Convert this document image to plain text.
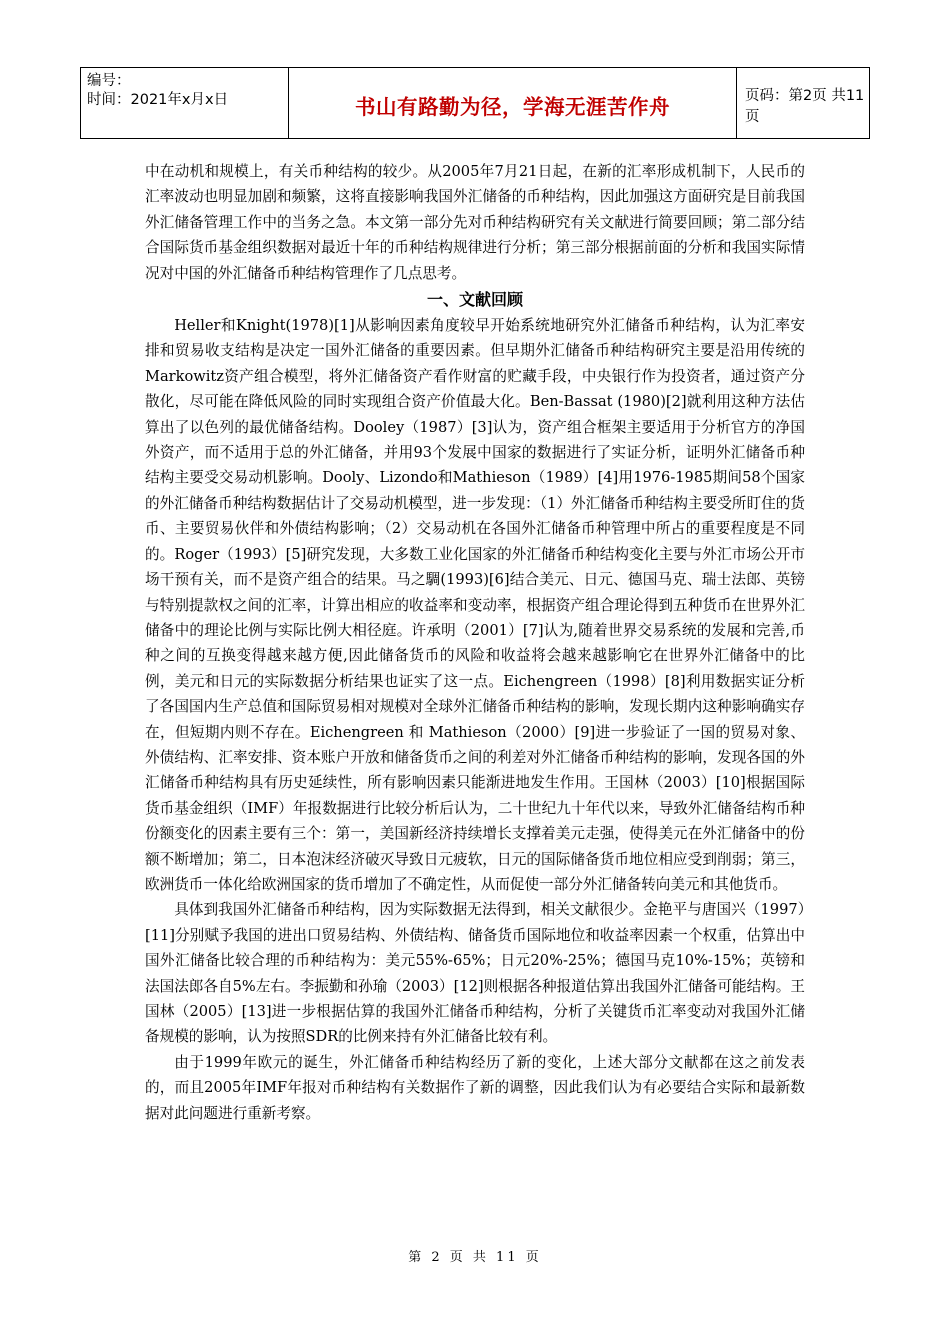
编号：
时间：2021年x月x日	书山有路勤为径，学海无涯苦作舟	页码：第2页 共11页

中在动机和规模上，有关币种结构的较少。从2005年7月21日起，在新的汇率形成机制下，人民币的汇率波动也明显加剧和频繁，这将直接影响我国外汇储备的币种结构，因此加强这方面研究是目前我国外汇储备管理工作中的当务之急。本文第一部分先对币种结构研究有关文献进行简要回顾；第二部分结合国际货币基金组织数据对最近十年的币种结构规律进行分析；第三部分根据前面的分析和我国实际情况对中国的外汇储备币种结构管理作了几点思考。

一、文献回顾

Heller和Knight(1978)[1]从影响因素角度较早开始系统地研究外汇储备币种结构，认为汇率安排和贸易收支结构是决定一国外汇储备的重要因素。但早期外汇储备币种结构研究主要是沿用传统的Markowitz资产组合模型，将外汇储备资产看作财富的贮藏手段，中央银行作为投资者，通过资产分散化，尽可能在降低风险的同时实现组合资产价值最大化。Ben-Bassat (1980)[2]就利用这种方法估算出了以色列的最优储备结构。Dooley（1987）[3]认为，资产组合框架主要适用于分析官方的净国外资产，而不适用于总的外汇储备，并用93个发展中国家的数据进行了实证分析，证明外汇储备币种结构主要受交易动机影响。Dooly、Lizondo和Mathieson（1989）[4]用1976-1985期间58个国家的外汇储备币种结构数据估计了交易动机模型，进一步发现：（1）外汇储备币种结构主要受所盯住的货币、主要贸易伙伴和外债结构影响；（2）交易动机在各国外汇储备币种管理中所占的重要程度是不同的。Roger（1993）[5]研究发现，大多数工业化国家的外汇储备币种结构变化主要与外汇市场公开市场干预有关，而不是资产组合的结果。马之騆(1993)[6]结合美元、日元、德国马克、瑞士法郎、英镑与特别提款权之间的汇率，计算出相应的收益率和变动率，根据资产组合理论得到五种货币在世界外汇储备中的理论比例与实际比例大相径庭。许承明（2001）[7]认为,随着世界交易系统的发展和完善,币种之间的互换变得越来越方便,因此储备货币的风险和收益将会越来越影响它在世界外汇储备中的比例，美元和日元的实际数据分析结果也证实了这一点。Eichengreen（1998）[8]利用数据实证分析了各国国内生产总值和国际贸易相对规模对全球外汇储备币种结构的影响，发现长期内这种影响确实存在，但短期内则不存在。Eichengreen 和 Mathieson（2000）[9]进一步验证了一国的贸易对象、外债结构、汇率安排、资本账户开放和储备货币之间的利差对外汇储备币种结构的影响，发现各国的外汇储备币种结构具有历史延续性，所有影响因素只能渐进地发生作用。王国林（2003）[10]根据国际货币基金组织（IMF）年报数据进行比较分析后认为，二十世纪九十年代以来，导致外汇储备结构币种份额变化的因素主要有三个：第一，美国新经济持续增长支撑着美元走强，使得美元在外汇储备中的份额不断增加；第二，日本泡沫经济破灭导致日元疲软，日元的国际储备货币地位相应受到削弱；第三，欧洲货币一体化给欧洲国家的货币增加了不确定性，从而促使一部分外汇储备转向美元和其他货币。

具体到我国外汇储备币种结构，因为实际数据无法得到，相关文献很少。金艳平与唐国兴（1997）[11]分别赋予我国的进出口贸易结构、外债结构、储备货币国际地位和收益率因素一个权重，估算出中国外汇储备比较合理的币种结构为：美元55%-65%；日元20%-25%；德国马克10%-15%；英镑和法国法郎各自5%左右。李振勤和孙瑜（2003）[12]则根据各种报道估算出我国外汇储备可能结构。王国林（2005）[13]进一步根据估算的我国外汇储备币种结构，分析了关键货币汇率变动对我国外汇储备规模的影响，认为按照SDR的比例来持有外汇储备比较有利。

由于1999年欧元的诞生，外汇储备币种结构经历了新的变化，上述大部分文献都在这之前发表的，而且2005年IMF年报对币种结构有关数据作了新的调整，因此我们认为有必要结合实际和最新数据对此问题进行重新考察。

第 2 页 共 11 页
